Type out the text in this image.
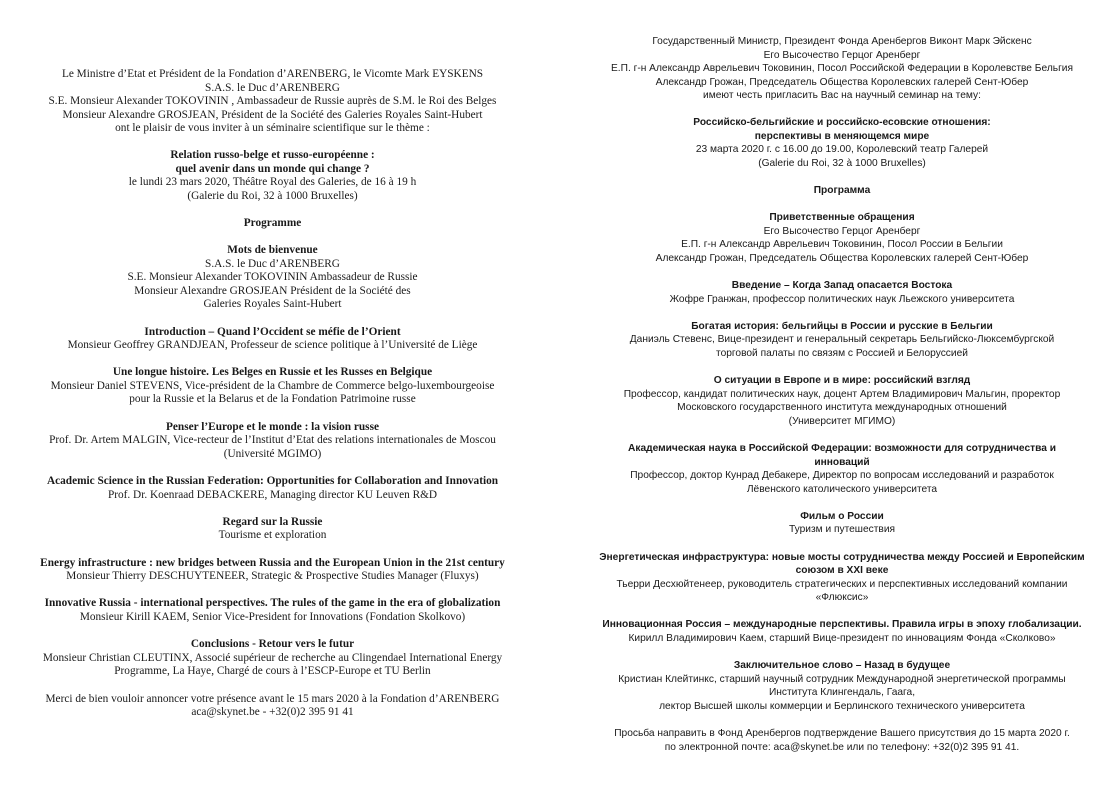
Le Ministre d’Etat et Président de la Fondation d’ARENBERG, le Vicomte Mark EYSKENS
S.A.S. le Duc d’ARENBERG
S.E. Monsieur Alexander TOKOVININ , Ambassadeur de Russie auprès de S.M. le Roi des Belges
Monsieur Alexandre GROSJEAN, Président de la Société des Galeries Royales Saint-Hubert
ont le plaisir de vous inviter à un séminaire scientifique sur le thème :
Relation russo-belge et russo-européenne :
quel avenir dans un monde qui change ?
le lundi 23 mars 2020, Théâtre Royal des Galeries, de 16 à 19 h
(Galerie du Roi, 32 à 1000 Bruxelles)
Programme
Mots de bienvenue
S.A.S. le Duc d’ARENBERG
S.E. Monsieur Alexander TOKOVININ Ambassadeur de Russie
Monsieur Alexandre GROSJEAN Président de la Société des
Galeries Royales Saint-Hubert
Introduction – Quand l’Occident se méfie de l’Orient
Monsieur Geoffrey GRANDJEAN, Professeur de science politique à l’Université de Liège
Une longue histoire. Les Belges en Russie et les Russes en Belgique
Monsieur Daniel STEVENS, Vice-président de la Chambre de Commerce belgo-luxembourgeoise
pour la Russie et la Belarus et de la Fondation Patrimoine russe
Penser l’Europe et le monde : la vision russe
Prof. Dr. Artem MALGIN, Vice-recteur de l’Institut d’Etat des relations internationales de Moscou
(Université MGIMO)
Academic Science in the Russian Federation: Opportunities for Collaboration and Innovation
Prof. Dr. Koenraad DEBACKERE, Managing director KU Leuven R&D
Regard sur la Russie
Tourisme et exploration
Energy infrastructure : new bridges between Russia and the European Union in the 21st century
Monsieur Thierry DESCHUYTENEER, Strategic & Prospective Studies Manager (Fluxys)
Innovative Russia - international perspectives. The rules of the game in the era of globalization
Monsieur Kirill KAEM, Senior Vice-President for Innovations (Fondation Skolkovo)
Conclusions - Retour vers le futur
Monsieur Christian CLEUTINX, Associé supérieur de recherche au Clingendael International Energy
Programme, La Haye, Chargé de cours à l’ESCP-Europe et TU Berlin
Merci de bien vouloir annoncer votre présence avant le 15 mars 2020 à la Fondation d’ARENBERG
aca@skynet.be - +32(0)2 395 91 41
Государственный Министр, Президент Фонда Аренбергов Виконт Марк Эйскенс
Его Высочество Герцог Аренберг
Е.П. г-н Александр Аврельевич Токовинин, Посол Российской Федерации в Королевстве Бельгия
Александр Грожан, Председатель Общества Королевских галерей Сент-Юбер
имеют честь пригласить Вас на научный семинар на тему:
Российско-бельгийские и российско-есовские отношения:
перспективы в меняющемся мире
23 марта 2020 г. с 16.00 до 19.00, Королевский театр Галерей
(Galerie du Roi, 32 à 1000 Bruxelles)
Программа
Приветственные обращения
Его Высочество Герцог Аренберг
Е.П. г-н Александр Аврельевич Токовинин, Посол России в Бельгии
Александр Грожан, Председатель Общества Королевских галерей Сент-Юбер
Введение – Когда Запад опасается Востока
Жофре Гранжан, профессор политических наук Льежского университета
Богатая история: бельгийцы в России и русские в Бельгии
Даниэль Стевенс, Вице-президент и генеральный секретарь Бельгийско-Люксембургской
торговой палаты по связям с Россией и Белоруссией
О ситуации в Европе и в мире: российский взгляд
Профессор, кандидат политических наук, доцент Артем Владимирович Мальгин, проректор
Московского государственного института международных отношений
(Университет МГИМО)
Академическая наука в Российской Федерации: возможности для сотрудничества и
инноваций
Профессор, доктор Кунрад Дебакере, Директор по вопросам исследований и разработок
Лёвенского католического университета
Фильм о России
Туризм и путешествия
Энергетическая инфраструктура: новые мосты сотрудничества между Россией и Европейским
союзом в XXI веке
Тьерри Десхюйтенеер, руководитель стратегических и перспективных исследований компании
«Флюксис»
Инновационная Россия – международные перспективы. Правила игры в эпоху глобализации.
Кирилл Владимирович Каем, старший Вице-президент по инновациям Фонда «Сколково»
Заключительное слово – Назад в будущее
Кристиан Клейтинкс, старший научный сотрудник Международной энергетической программы
Института Клингендаль, Гаага,
лектор Высшей школы коммерции и Берлинского технического университета
Просьба направить в Фонд Аренбергов подтверждение Вашего присутствия до 15 марта 2020 г.
по электронной почте: aca@skynet.be или по телефону: +32(0)2 395 91 41.
